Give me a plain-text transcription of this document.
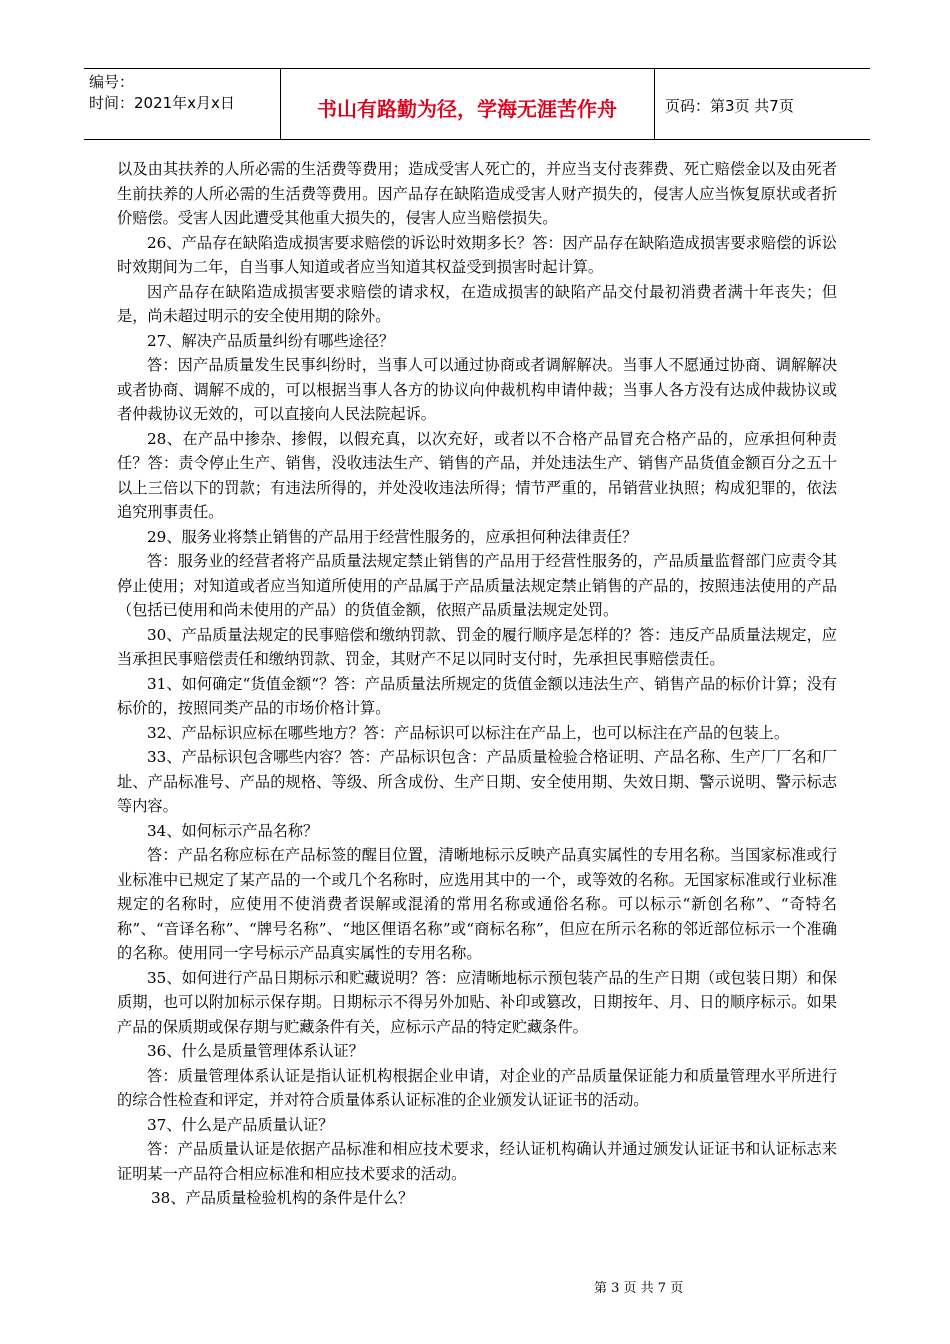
编号：
时间：2021年x月x日	书山有路勤为径，学海无涯苦作舟	页码：第3页 共7页

以及由其扶养的人所必需的生活费等费用；造成受害人死亡的，并应当支付丧葬费、死亡赔偿金以及由死者生前扶养的人所必需的生活费等费用。因产品存在缺陷造成受害人财产损失的，侵害人应当恢复原状或者折价赔偿。受害人因此遭受其他重大损失的，侵害人应当赔偿损失。

26、产品存在缺陷造成损害要求赔偿的诉讼时效期多长？答：因产品存在缺陷造成损害要求赔偿的诉讼时效期间为二年，自当事人知道或者应当知道其权益受到损害时起计算。

因产品存在缺陷造成损害要求赔偿的请求权，在造成损害的缺陷产品交付最初消费者满十年丧失；但是，尚未超过明示的安全使用期的除外。

27、解决产品质量纠纷有哪些途径？

答：因产品质量发生民事纠纷时，当事人可以通过协商或者调解解决。当事人不愿通过协商、调解解决或者协商、调解不成的，可以根据当事人各方的协议向仲裁机构申请仲裁；当事人各方没有达成仲裁协议或者仲裁协议无效的，可以直接向人民法院起诉。

28、在产品中掺杂、掺假，以假充真，以次充好，或者以不合格产品冒充合格产品的，应承担何种责任？答：责令停止生产、销售，没收违法生产、销售的产品，并处违法生产、销售产品货值金额百分之五十以上三倍以下的罚款；有违法所得的，并处没收违法所得；情节严重的，吊销营业执照；构成犯罪的，依法追究刑事责任。

29、服务业将禁止销售的产品用于经营性服务的，应承担何种法律责任？

答：服务业的经营者将产品质量法规定禁止销售的产品用于经营性服务的，产品质量监督部门应责令其停止使用；对知道或者应当知道所使用的产品属于产品质量法规定禁止销售的产品的，按照违法使用的产品（包括已使用和尚未使用的产品）的货值金额，依照产品质量法规定处罚。

30、产品质量法规定的民事赔偿和缴纳罚款、罚金的履行顺序是怎样的？答：违反产品质量法规定，应当承担民事赔偿责任和缴纳罚款、罚金，其财产不足以同时支付时，先承担民事赔偿责任。

31、如何确定“货值金额“？答：产品质量法所规定的货值金额以违法生产、销售产品的标价计算；没有标价的，按照同类产品的市场价格计算。

32、产品标识应标在哪些地方？答：产品标识可以标注在产品上，也可以标注在产品的包装上。

33、产品标识包含哪些内容？答：产品标识包含：产品质量检验合格证明、产品名称、生产厂厂名和厂址、产品标准号、产品的规格、等级、所含成份、生产日期、安全使用期、失效日期、警示说明、警示标志等内容。

34、如何标示产品名称？

答：产品名称应标在产品标签的醒目位置，清晰地标示反映产品真实属性的专用名称。当国家标准或行业标准中已规定了某产品的一个或几个名称时，应选用其中的一个，或等效的名称。无国家标准或行业标准规定的名称时，应使用不使消费者误解或混淆的常用名称或通俗名称。可以标示“新创名称”、“奇特名称”、“音译名称”、“牌号名称”、“地区俚语名称”或“商标名称”，但应在所示名称的邻近部位标示一个准确的名称。使用同一字号标示产品真实属性的专用名称。

35、如何进行产品日期标示和贮藏说明？答：应清晰地标示预包装产品的生产日期（或包装日期）和保质期，也可以附加标示保存期。日期标示不得另外加贴、补印或篡改，日期按年、月、日的顺序标示。如果产品的保质期或保存期与贮藏条件有关，应标示产品的特定贮藏条件。

36、什么是质量管理体系认证？

答：质量管理体系认证是指认证机构根据企业申请，对企业的产品质量保证能力和质量管理水平所进行的综合性检查和评定，并对符合质量体系认证标准的企业颁发认证证书的活动。

37、什么是产品质量认证？

答：产品质量认证是依据产品标准和相应技术要求，经认证机构确认并通过颁发认证证书和认证标志来证明某一产品符合相应标准和相应技术要求的活动。

38、产品质量检验机构的条件是什么？

第 3 页 共 7 页
